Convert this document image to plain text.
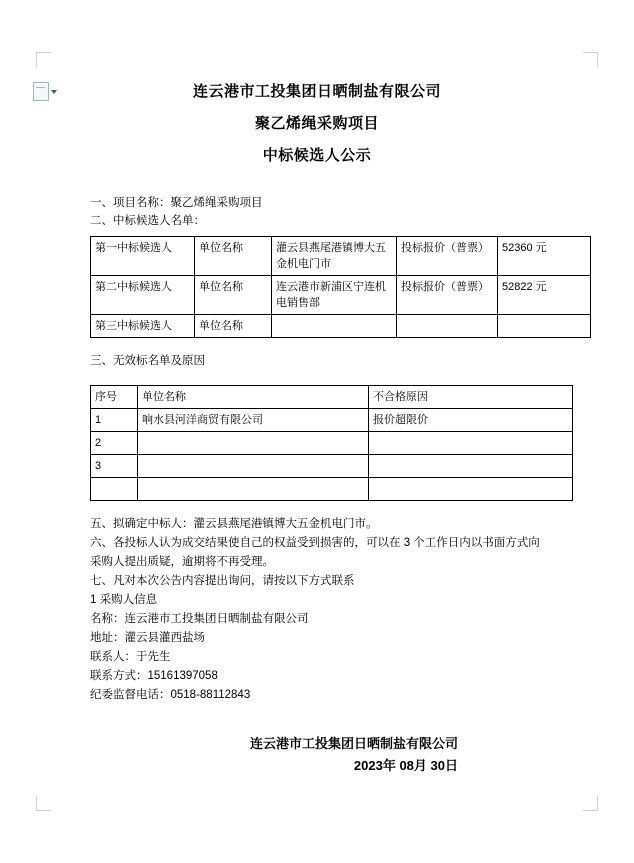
连云港市工投集团日晒制盐有限公司
聚乙烯绳采购项目
中标候选人公示
一、项目名称：聚乙烯绳采购项目
二、中标候选人名单：
第一中标候选人	单位名称	灌云县燕尾港镇博大五金机电门市	投标报价（普票）	52360 元
第二中标候选人	单位名称	连云港市新浦区宁连机电销售部	投标报价（普票）	52822 元
第三中标候选人	单位名称			
三、无效标名单及原因
序号	单位名称	不合格原因
1	响水县河洋商贸有限公司	报价超限价
2		
3		

五、拟确定中标人：灌云县燕尾港镇博大五金机电门市。
六、各投标人认为成交结果使自己的权益受到损害的，可以在 3 个工作日内以书面方式向采购人提出质疑，逾期将不再受理。
七、凡对本次公告内容提出询问，请按以下方式联系
1 采购人信息
名称：连云港市工投集团日晒制盐有限公司
地址：灌云县灌西盐场
联系人：于先生
联系方式：15161397058
纪委监督电话：0518-88112843
连云港市工投集团日晒制盐有限公司
2023年 08月 30日
